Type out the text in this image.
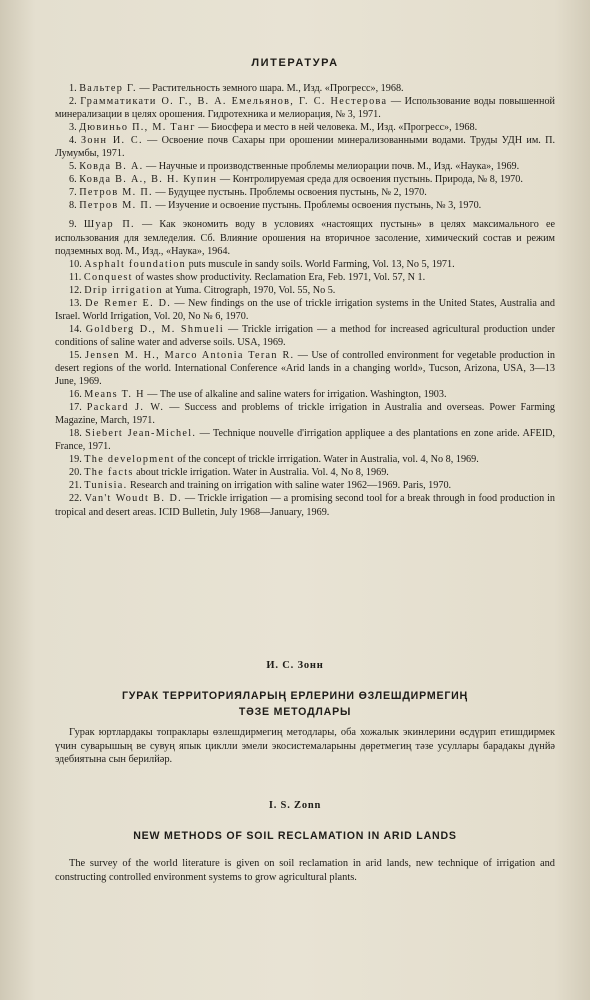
ЛИТЕРАТУРА
1. Вальтер Г. — Растительность земного шара. М., Изд. «Прогресс», 1968.
2. Грамматикати О. Г., В. А. Емельянов, Г. С. Нестерова — Использование воды повышенной минерализации в целях орошения. Гидротехника и мелиорация, № 3, 1971.
3. Дювиньо П., М. Танг — Биосфера и место в ней человека. М., Изд. «Прогресс», 1968.
4. Зонн И. С. — Освоение почв Сахары при орошении минерализованными водами. Труды УДН им. П. Лумумбы, 1971.
5. Ковда В. А. — Научные и производственные проблемы мелиорации почв. М., Изд. «Наука», 1969.
6. Ковда В. А., В. Н. Купин — Контролируемая среда для освоения пустынь. Природа, № 8, 1970.
7. Петров М. П. — Будущее пустынь. Проблемы освоения пустынь, № 2, 1970.
8. Петров М. П. — Изучение и освоение пустынь. Проблемы освоения пустынь, № 3, 1970.
9. Шуар П. — Как экономить воду в условиях «настоящих пустынь» в целях максимального ее использования для земледелия. Сб. Влияние орошения на вторичное засоление, химический состав и режим подземных вод. М., Изд., «Наука», 1964.
10. Asphalt foundation puts muscule in sandy soils. World Farming, Vol. 13, No 5, 1971.
11. Conquest of wastes show productivity. Reclamation Era, Feb. 1971, Vol. 57, N 1.
12. Drip irrigation at Yuma. Citrograph, 1970, Vol. 55, No 5.
13. De Remer E. D. — New findings on the use of trickle irrigation systems in the United States, Australia and Israel. World Irrigation, Vol. 20, No № 6, 1970.
14. Goldberg D., M. Shmueli — Trickle irrigation — a method for increased agricultural production under conditions of saline water and adverse soils. USA, 1969.
15. Jensen M. H., Marco Antonia Teran R. — Use of controlled environment for vegetable production in desert regions of the world. International Conference «Arid lands in a changing world», Tucson, Arizona, USA, 3—13 June, 1969.
16. Means T. H — The use of alkaline and saline waters for irrigation. Washington, 1903.
17. Packard J. W. — Success and problems of trickle irrigation in Australia and overseas. Power Farming Magazine, March, 1971.
18. Siebert Jean-Michel. — Technique nouvelle d'irrigation appliquee a des plantations en zone aride. AFEID, France, 1971.
19. The development of the concept of trickle irrrigation. Water in Australia, vol. 4, No 8, 1969.
20. The facts about trickle irrigation. Water in Australia. Vol. 4, No 8, 1969.
21. Tunisia. Research and training on irrigation with saline water 1962—1969. Paris, 1970.
22. Van't Woudt B. D. — Trickle irrigation — a promising second tool for a break through in food production in tropical and desert areas. ICID Bulletin, July 1968—January, 1969.

И. С. Зонн

ГУРАК ТЕРРИТОРИЯЛАРЫҢ ЕРЛЕРИНИ ӨЗЛЕШДИРМЕГИҢ
ТӘЗЕ МЕТОДЛАРЫ

Гурак юртлардакы топраклары өзлешдирмегиң методлары, оба хожалык экинлерини өсдүрип етишдирмек үчин суварышың ве сувуң япык циклли эмели экосистемаларыны дөретмегиң тәзе усуллары барадакы дүнйә эдебиятына сын берилйәр.

I. S. Zonn

NEW METHODS OF SOIL RECLAMATION IN ARID LANDS

The survey of the world literature is given on soil reclamation in arid lands, new technique of irrigation and constructing controlled environment systems to grow agricultural plants.
